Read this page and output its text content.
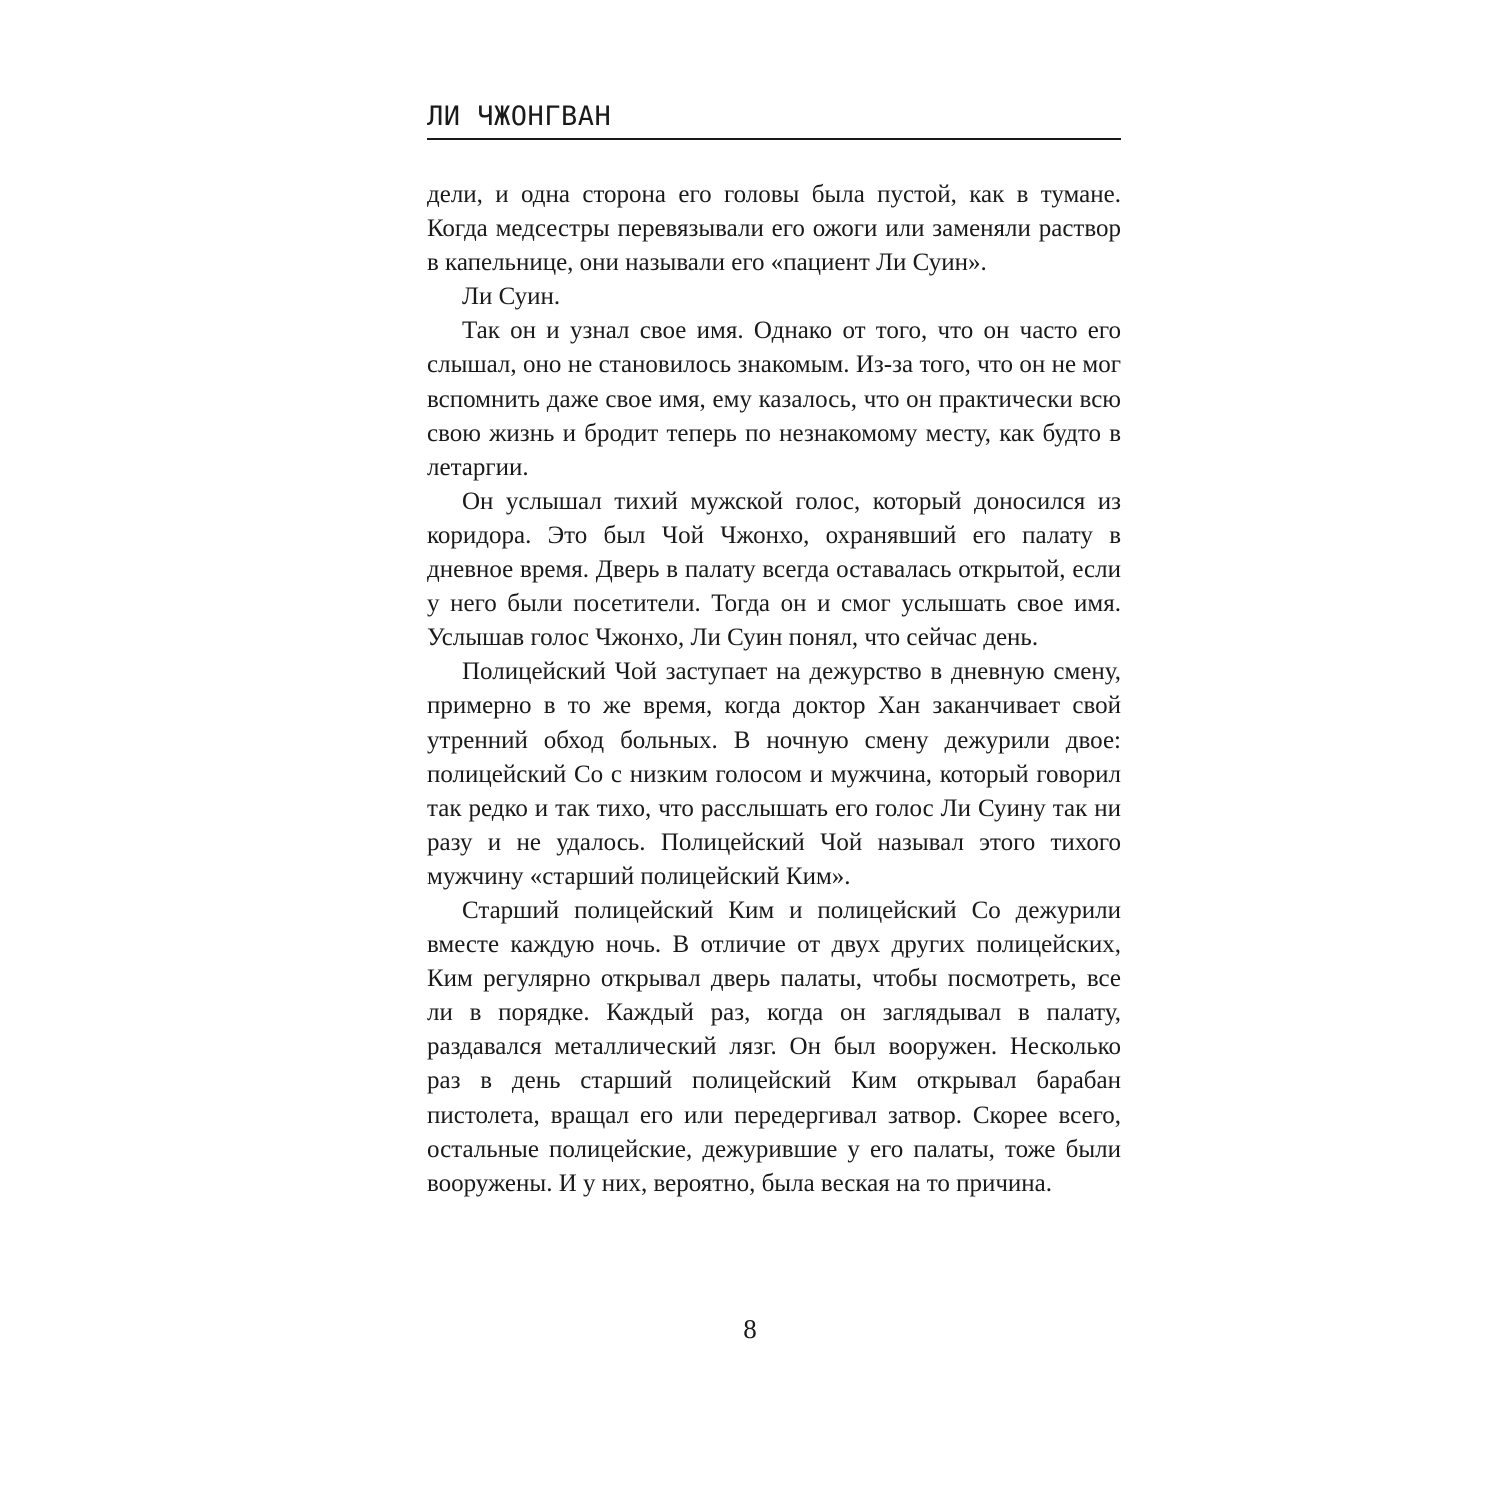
ЛИ ЧЖОНГВАН

дели, и одна сторона его головы была пустой, как в тумане. Когда медсестры перевязывали его ожоги или заменяли раствор в капельнице, они называли его «пациент Ли Суин».

Ли Суин.

Так он и узнал свое имя. Однако от того, что он часто его слышал, оно не становилось знакомым. Из-за того, что он не мог вспомнить даже свое имя, ему казалось, что он практически всю свою жизнь и бродит теперь по незнакомому месту, как будто в летаргии.

Он услышал тихий мужской голос, который доносился из коридора. Это был Чой Чжонхо, охранявший его палату в дневное время. Дверь в палату всегда оставалась открытой, если у него были посетители. Тогда он и смог услышать свое имя. Услышав голос Чжонхо, Ли Суин понял, что сейчас день.

Полицейский Чой заступает на дежурство в дневную смену, примерно в то же время, когда доктор Хан заканчивает свой утренний обход больных. В ночную смену дежурили двое: полицейский Со с низким голосом и мужчина, который говорил так редко и так тихо, что расслышать его голос Ли Суину так ни разу и не удалось. Полицейский Чой называл этого тихого мужчину «старший полицейский Ким».

Старший полицейский Ким и полицейский Со дежурили вместе каждую ночь. В отличие от двух других полицейских, Ким регулярно открывал дверь палаты, чтобы посмотреть, все ли в порядке. Каждый раз, когда он заглядывал в палату, раздавался металлический лязг. Он был вооружен. Несколько раз в день старший полицейский Ким открывал барабан пистолета, вращал его или передергивал затвор. Скорее всего, остальные полицейские, дежурившие у его палаты, тоже были вооружены. И у них, вероятно, была веская на то причина.

8
